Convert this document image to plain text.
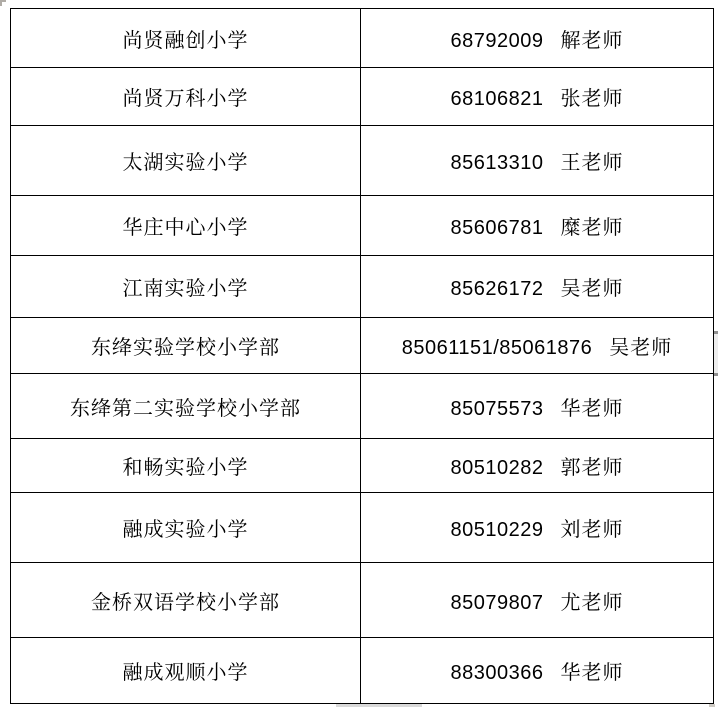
尚贤融创小学	68792009 解老师
尚贤万科小学	68106821 张老师
太湖实验小学	85613310 王老师
华庄中心小学	85606781 糜老师
江南实验小学	85626172 吴老师
东绛实验学校小学部	85061151/85061876 吴老师
东绛第二实验学校小学部	85075573 华老师
和畅实验小学	80510282 郭老师
融成实验小学	80510229 刘老师
金桥双语学校小学部	85079807 尤老师
融成观顺小学	88300366 华老师
